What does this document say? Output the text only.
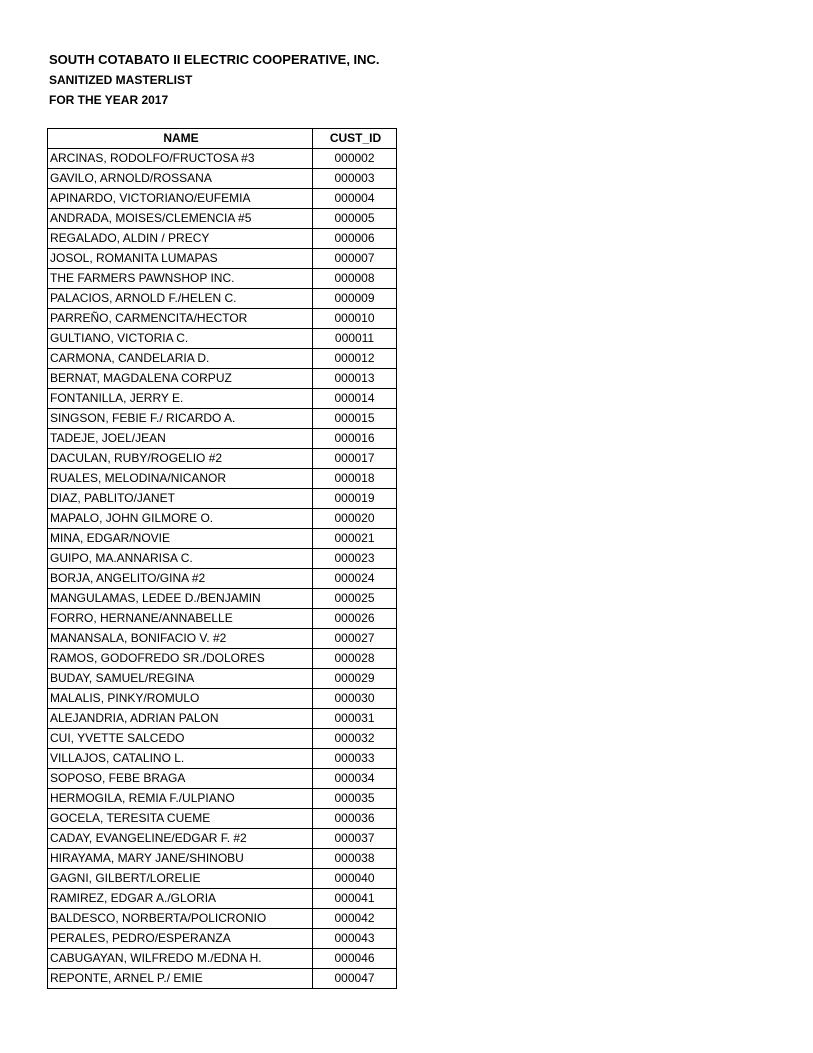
SOUTH COTABATO II ELECTRIC COOPERATIVE, INC.
SANITIZED MASTERLIST
FOR THE YEAR 2017
NAME	CUST_ID
ARCINAS, RODOLFO/FRUCTOSA #3	000002
GAVILO, ARNOLD/ROSSANA	000003
APINARDO, VICTORIANO/EUFEMIA	000004
ANDRADA, MOISES/CLEMENCIA #5	000005
REGALADO, ALDIN / PRECY	000006
JOSOL, ROMANITA LUMAPAS	000007
THE FARMERS PAWNSHOP INC.	000008
PALACIOS, ARNOLD F./HELEN C.	000009
PARREÑO, CARMENCITA/HECTOR	000010
GULTIANO, VICTORIA C.	000011
CARMONA, CANDELARIA D.	000012
BERNAT, MAGDALENA CORPUZ	000013
FONTANILLA, JERRY E.	000014
SINGSON, FEBIE F./ RICARDO A.	000015
TADEJE, JOEL/JEAN	000016
DACULAN, RUBY/ROGELIO #2	000017
RUALES, MELODINA/NICANOR	000018
DIAZ, PABLITO/JANET	000019
MAPALO, JOHN GILMORE O.	000020
MINA, EDGAR/NOVIE	000021
GUIPO, MA.ANNARISA C.	000023
BORJA, ANGELITO/GINA #2	000024
MANGULAMAS, LEDEE D./BENJAMIN	000025
FORRO, HERNANE/ANNABELLE	000026
MANANSALA, BONIFACIO V. #2	000027
RAMOS, GODOFREDO SR./DOLORES	000028
BUDAY, SAMUEL/REGINA	000029
MALALIS, PINKY/ROMULO	000030
ALEJANDRIA, ADRIAN PALON	000031
CUI, YVETTE SALCEDO	000032
VILLAJOS, CATALINO L.	000033
SOPOSO, FEBE BRAGA	000034
HERMOGILA, REMIA F./ULPIANO	000035
GOCELA, TERESITA CUEME	000036
CADAY, EVANGELINE/EDGAR F. #2	000037
HIRAYAMA, MARY JANE/SHINOBU	000038
GAGNI, GILBERT/LORELIE	000040
RAMIREZ, EDGAR A./GLORIA	000041
BALDESCO, NORBERTA/POLICRONIO	000042
PERALES, PEDRO/ESPERANZA	000043
CABUGAYAN, WILFREDO M./EDNA H.	000046
REPONTE, ARNEL P./ EMIE	000047
